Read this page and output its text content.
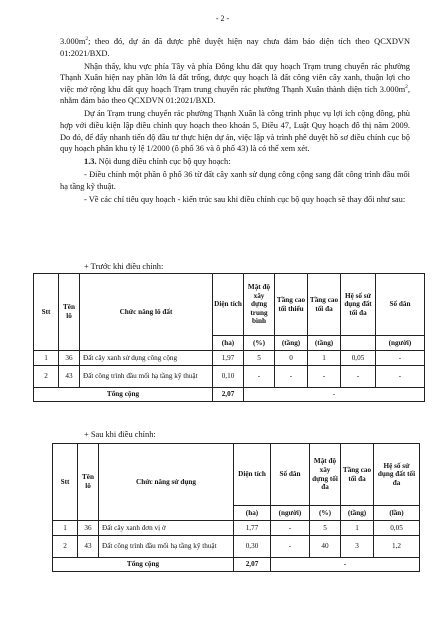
- 2 -

$3.000m^2$; theo đó, dự án đã được phê duyệt hiện nay chưa đảm bảo diện tích theo QCXDVN 01:2021/BXD.

Nhận thấy, khu vực phía Tây và phía Đông khu đất quy hoạch Trạm trung chuyển rác phường Thạnh Xuân hiện nay phần lớn là đất trống, được quy hoạch là đất công viên cây xanh, thuận lợi cho việc mở rộng khu đất quy hoạch Trạm trung chuyển rác phường Thạnh Xuân thành diện tích $3.000m^2$, nhằm đảm bảo theo QCXDVN 01:2021/BXD.

Dự án Trạm trung chuyển rác phường Thạnh Xuân là công trình phục vụ lợi ích cộng đồng, phù hợp với điều kiện lập điều chỉnh quy hoạch theo khoản 5, Điều 47, Luật Quy hoạch đô thị năm 2009. Do đó, để đẩy nhanh tiến độ đầu tư thực hiện dự án, việc lập và trình phê duyệt hồ sơ điều chỉnh cục bộ quy hoạch phân khu tỷ lệ 1/2000 (ô phố 36 và ô phố 43) là có thể xem xét.

1.3. Nội dung điều chỉnh cục bộ quy hoạch:

- Điều chỉnh một phần ô phố 36 từ đất cây xanh sử dụng công cộng sang đất công trình đầu mối hạ tầng kỹ thuật.

- Về các chỉ tiêu quy hoạch - kiến trúc sau khi điều chỉnh cục bộ quy hoạch sẽ thay đổi như sau:

+ Trước khi điều chỉnh:
Stt	Tên lô	Chức năng lô đất	Diện tích	Mật độ xây dựng trung bình	Tầng cao tối thiểu	Tầng cao tối đa	Hệ số sử dụng đất tối đa	Số dân
			(ha)	(%)	(tầng)	(tầng)		(người)
1	36	Đất cây xanh sử dụng công cộng	1,97	5	0	1	0,05	-
2	43	Đất công trình đầu mối hạ tầng kỹ thuật	0,10	-	-	-	-	-
Tổng cộng			2,07	-				
+ Sau khi điều chỉnh:
Stt	Tên lô	Chức năng sử dụng	Diện tích	Số dân	Mật độ xây dựng tối đa	Tầng cao tối đa	Hệ số sử dụng đất tối đa
			(ha)	(người)	(%)	(tầng)	(lần)
1	36	Đất cây xanh đơn vị ở	1,77	-	5	1	0,05
2	43	Đất công trình đầu mối hạ tầng kỹ thuật	0,30	-	40	3	1,2
Tổng cộng			2,07	-			
